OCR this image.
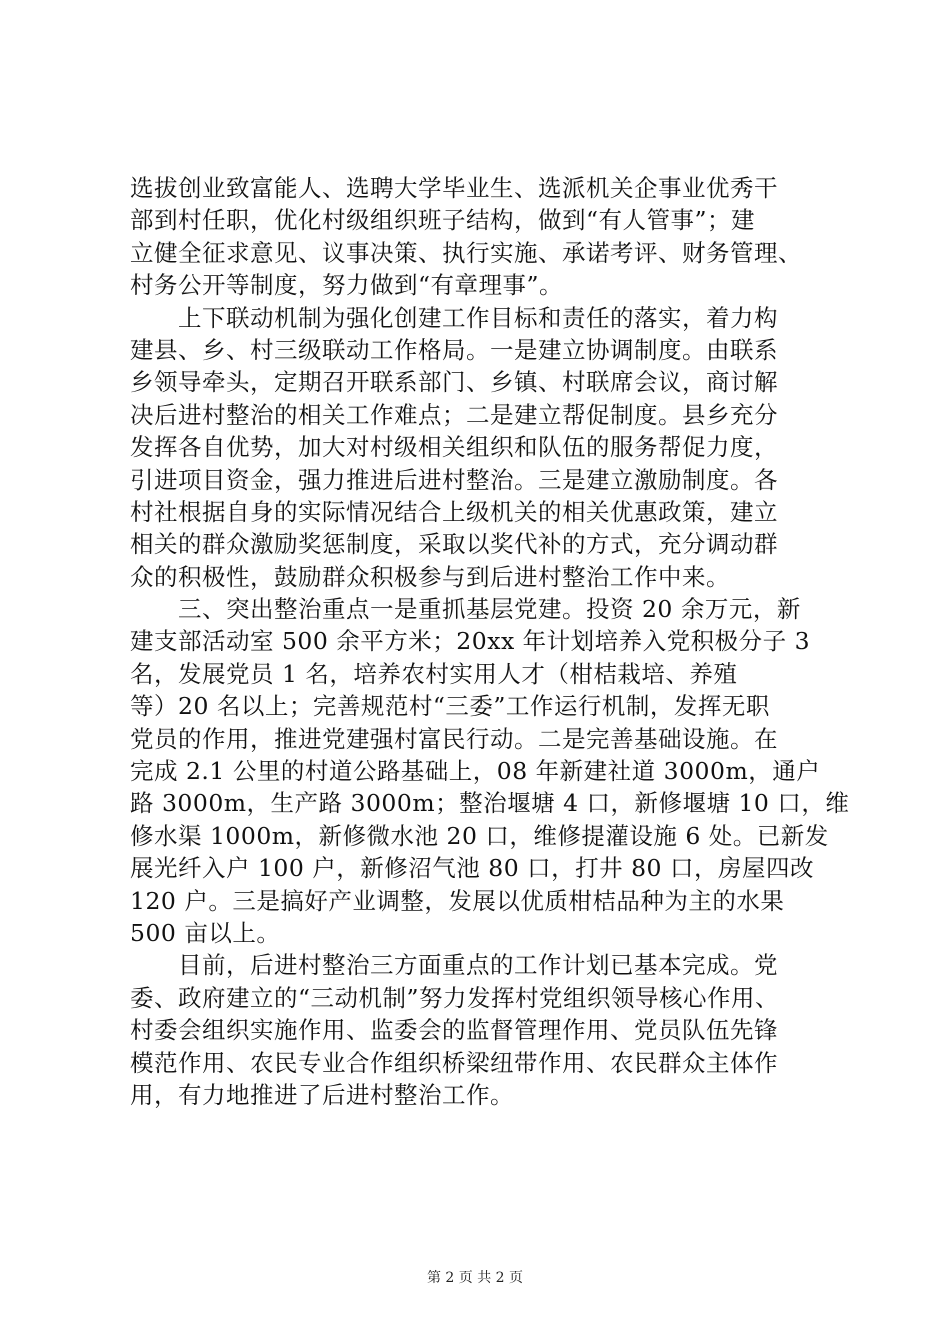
选拔创业致富能人、选聘大学毕业生、选派机关企事业优秀干
部到村任职，优化村级组织班子结构，做到“有人管事”；建
立健全征求意见、议事决策、执行实施、承诺考评、财务管理、
村务公开等制度，努力做到“有章理事”。
　　上下联动机制为强化创建工作目标和责任的落实，着力构
建县、乡、村三级联动工作格局。一是建立协调制度。由联系
乡领导牵头，定期召开联系部门、乡镇、村联席会议，商讨解
决后进村整治的相关工作难点；二是建立帮促制度。县乡充分
发挥各自优势，加大对村级相关组织和队伍的服务帮促力度，
引进项目资金，强力推进后进村整治。三是建立激励制度。各
村社根据自身的实际情况结合上级机关的相关优惠政策，建立
相关的群众激励奖惩制度，采取以奖代补的方式，充分调动群
众的积极性，鼓励群众积极参与到后进村整治工作中来。
　　三、突出整治重点一是重抓基层党建。投资 20 余万元，新
建支部活动室 500 余平方米；20xx 年计划培养入党积极分子 3
名，发展党员 1 名，培养农村实用人才（柑桔栽培、养殖
等）20 名以上；完善规范村“三委”工作运行机制，发挥无职
党员的作用，推进党建强村富民行动。二是完善基础设施。在
完成 2.1 公里的村道公路基础上，08 年新建社道 3000m，通户
路 3000m，生产路 3000m；整治堰塘 4 口，新修堰塘 10 口，维
修水渠 1000m，新修微水池 20 口，维修提灌设施 6 处。已新发
展光纤入户 100 户，新修沼气池 80 口，打井 80 口，房屋四改
120 户。三是搞好产业调整，发展以优质柑桔品种为主的水果
500 亩以上。
　　目前，后进村整治三方面重点的工作计划已基本完成。党
委、政府建立的“三动机制”努力发挥村党组织领导核心作用、
村委会组织实施作用、监委会的监督管理作用、党员队伍先锋
模范作用、农民专业合作组织桥梁纽带作用、农民群众主体作
用，有力地推进了后进村整治工作。
第 2 页 共 2 页
